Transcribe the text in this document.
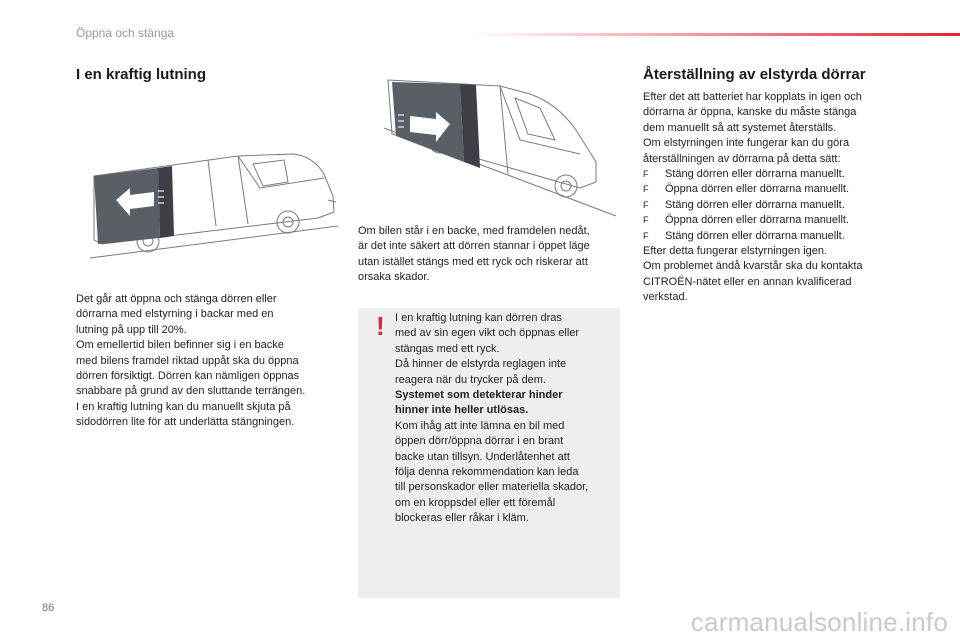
Öppna och stänga
I en kraftig lutning
Det går att öppna och stänga dörren eller
dörrarna med elstyrning i backar med en
lutning på upp till 20%.
Om emellertid bilen befinner sig i en backe
med bilens framdel riktad uppåt ska du öppna
dörren försiktigt. Dörren kan nämligen öppnas
snabbare på grund av den sluttande terrängen.
I en kraftig lutning kan du manuellt skjuta på
sidodörren lite för att underlätta stängningen.
Om bilen står i en backe, med framdelen nedåt,
är det inte säkert att dörren stannar i öppet läge
utan istället stängs med ett ryck och riskerar att
orsaka skador.
! I en kraftig lutning kan dörren dras
med av sin egen vikt och öppnas eller
stängas med ett ryck.
Då hinner de elstyrda reglagen inte
reagera när du trycker på dem.
Systemet som detekterar hinder
hinner inte heller utlösas.
Kom ihåg att inte lämna en bil med
öppen dörr/öppna dörrar i en brant
backe utan tillsyn. Underlåtenhet att
följa denna rekommendation kan leda
till personskador eller materiella skador,
om en kroppsdel eller ett föremål
blockeras eller råkar i kläm.
Återställning av elstyrda dörrar
Efter det att batteriet har kopplats in igen och
dörrarna är öppna, kanske du måste stänga
dem manuellt så att systemet återställs.
Om elstyrningen inte fungerar kan du göra
återställningen av dörrarna på detta sätt:
F Stäng dörren eller dörrarna manuellt.
F Öppna dörren eller dörrarna manuellt.
F Stäng dörren eller dörrarna manuellt.
F Öppna dörren eller dörrarna manuellt.
F Stäng dörren eller dörrarna manuellt.
Efter detta fungerar elstyrningen igen.
Om problemet ändå kvarstår ska du kontakta
CITROËN-nätet eller en annan kvalificerad
verkstad.
86	carmanualsonline.info
